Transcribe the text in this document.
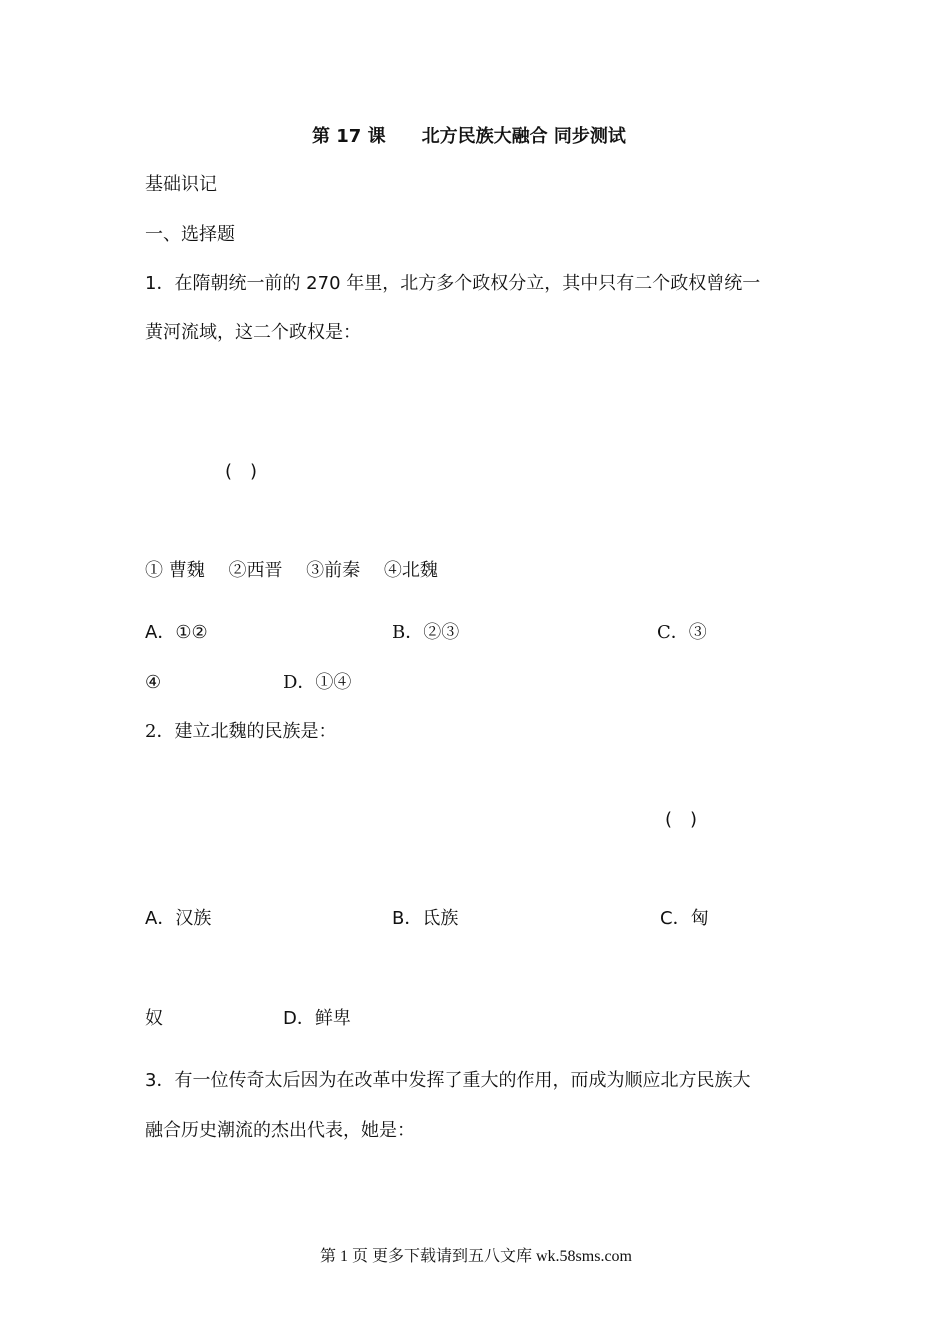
第 17 课　　北方民族大融合 同步测试
基础识记
一、选择题
1．在隋朝统一前的 270 年里，北方多个政权分立，其中只有二个政权曾统一
黄河流域，这二个政权是：
(　)
① 曹魏　 ②西晋　 ③前秦　 ④北魏
A．①②	B．②③	C．③
④	D．①④
2．建立北魏的民族是：
(　)
A．汉族	B．氐族	C．匈
奴	D．鲜卑
3．有一位传奇太后因为在改革中发挥了重大的作用，而成为顺应北方民族大
融合历史潮流的杰出代表，她是：
第 1 页 更多下载请到五八文库 wk.58sms.com
